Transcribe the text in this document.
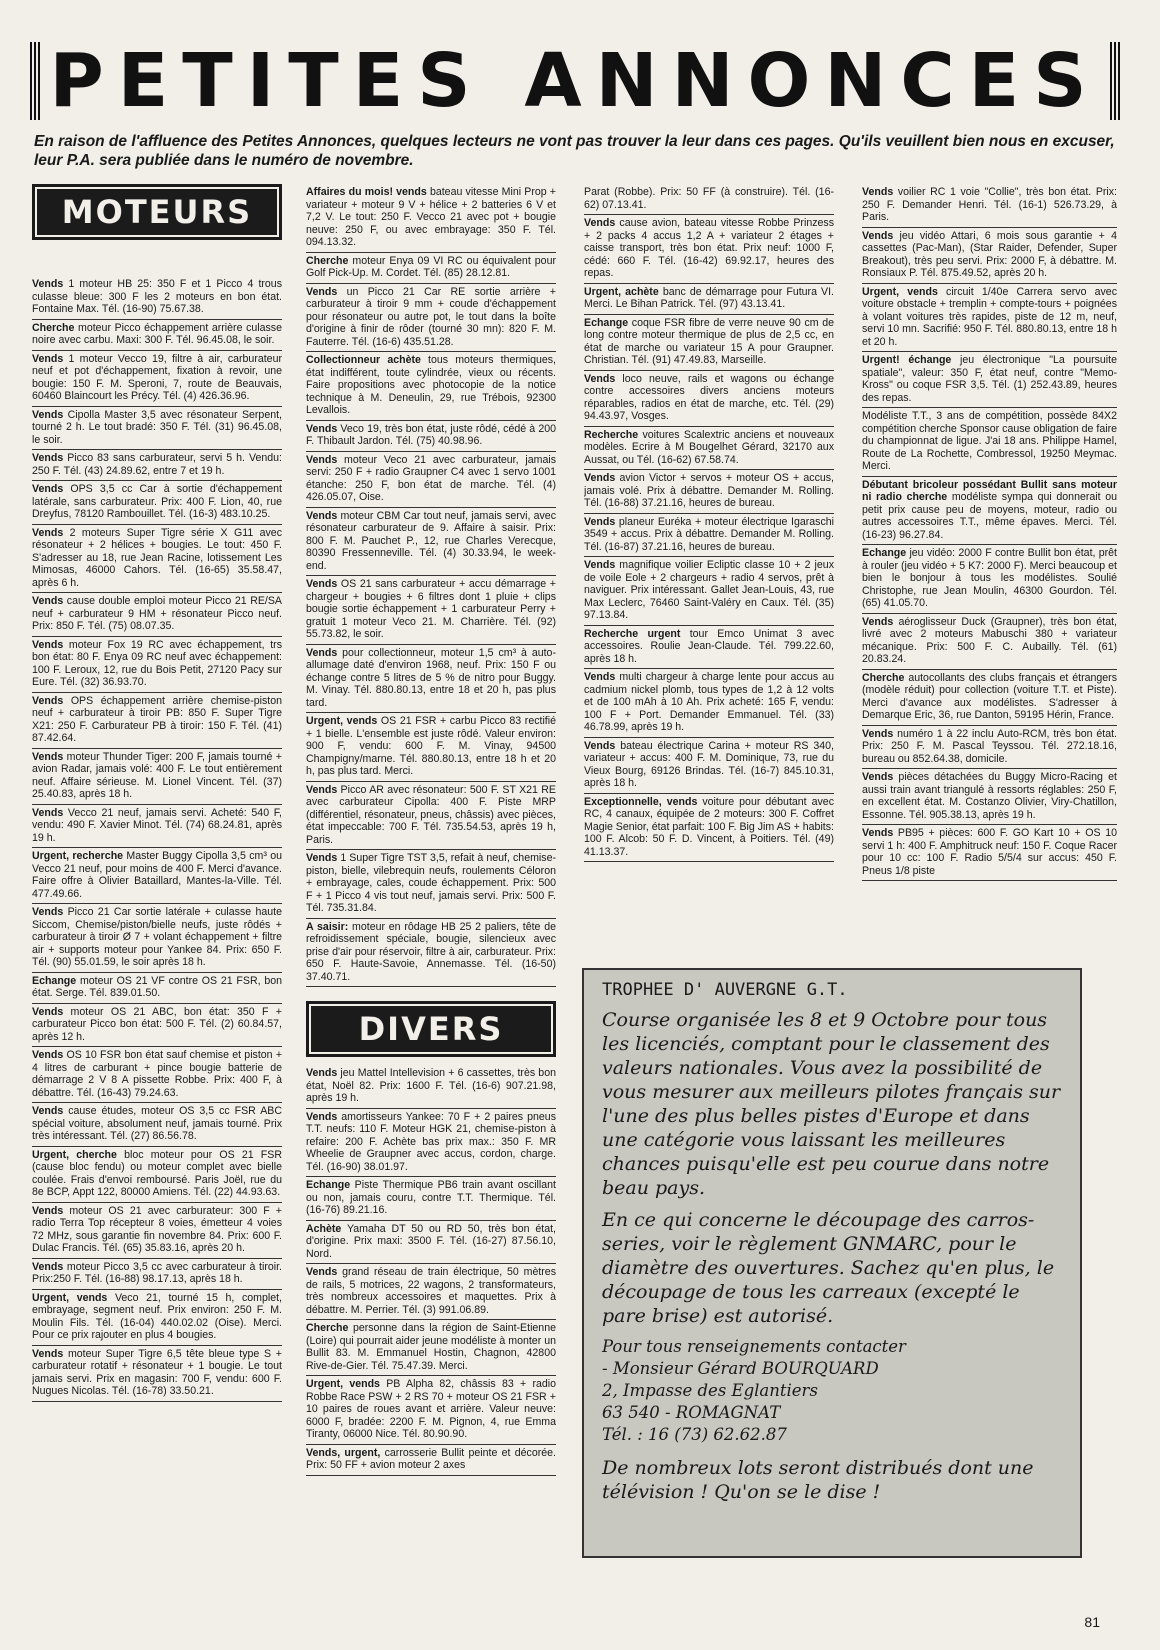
PETITES ANNONCES
En raison de l'affluence des Petites Annonces, quelques lecteurs ne vont pas trouver la leur dans ces pages. Qu'ils veuillent bien nous en excuser, leur P.A. sera publiée dans le numéro de novembre.
MOTEURS

Vends 1 moteur HB 25: 350 F et 1 Picco 4 trous culasse bleue: 300 F les 2 moteurs en bon état. Fontaine Max. Tél. (16-90) 75.67.38.

Cherche moteur Picco échappement arrière culasse noire avec carbu. Maxi: 300 F. Tél. 96.45.08, le soir.

Vends 1 moteur Vecco 19, filtre à air, carburateur neuf et pot d'échappement, fixation à revoir, une bougie: 150 F. M. Speroni, 7, route de Beauvais, 60460 Blaincourt les Précy. Tél. (4) 426.36.96.

Vends Cipolla Master 3,5 avec résonateur Serpent, tourné 2 h. Le tout bradé: 350 F. Tél. (31) 96.45.08, le soir.

Vends Picco 83 sans carburateur, servi 5 h. Vendu: 250 F. Tél. (43) 24.89.62, entre 7 et 19 h.

Vends OPS 3,5 cc Car à sortie d'échappement latérale, sans carburateur. Prix: 400 F. Lion, 40, rue Dreyfus, 78120 Rambouillet. Tél. (16-3) 483.10.25.

Vends 2 moteurs Super Tigre série X G11 avec résonateur + 2 hélices + bougies. Le tout: 450 F. S'adresser au 18, rue Jean Racine, lotissement Les Mimosas, 46000 Cahors. Tél. (16-65) 35.58.47, après 6 h.

Vends cause double emploi moteur Picco 21 RE/SA neuf + carburateur 9 HM + résonateur Picco neuf. Prix: 850 F. Tél. (75) 08.07.35.

Vends moteur Fox 19 RC avec échappement, trs bon état: 80 F. Enya 09 RC neuf avec échappement: 100 F. Leroux, 12, rue du Bois Petit, 27120 Pacy sur Eure. Tél. (32) 36.93.70.

Vends OPS échappement arrière chemise-piston neuf + carburateur à tiroir PB: 850 F. Super Tigre X21: 250 F. Carburateur PB à tiroir: 150 F. Tél. (41) 87.42.64.

Vends moteur Thunder Tiger: 200 F, jamais tourné + avion Radar, jamais volé: 400 F. Le tout entièrement neuf. Affaire sérieuse. M. Lionel Vincent. Tél. (37) 25.40.83, après 18 h.

Vends Vecco 21 neuf, jamais servi. Acheté: 540 F, vendu: 490 F. Xavier Minot. Tél. (74) 68.24.81, après 19 h.

Urgent, recherche Master Buggy Cipolla 3,5 cm³ ou Vecco 21 neuf, pour moins de 400 F. Merci d'avance. Faire offre à Olivier Bataillard, Mantes-la-Ville. Tél. 477.49.66.

Vends Picco 21 Car sortie latérale + culasse haute Siccom, Chemise/piston/bielle neufs, juste rôdés + carburateur à tiroir Ø 7 + volant échappement + filtre air + supports moteur pour Yankee 84. Prix: 650 F. Tél. (90) 55.01.59, le soir après 18 h.

Echange moteur OS 21 VF contre OS 21 FSR, bon état. Serge. Tél. 839.01.50.

Vends moteur OS 21 ABC, bon état: 350 F + carburateur Picco bon état: 500 F. Tél. (2) 60.84.57, après 12 h.

Vends OS 10 FSR bon état sauf chemise et piston + 4 litres de carburant + pince bougie batterie de démarrage 2 V 8 A pissette Robbe. Prix: 400 F, à débattre. Tél. (16-43) 79.24.63.

Vends cause études, moteur OS 3,5 cc FSR ABC spécial voiture, absolument neuf, jamais tourné. Prix très intéressant. Tél. (27) 86.56.78.

Urgent, cherche bloc moteur pour OS 21 FSR (cause bloc fendu) ou moteur complet avec bielle coulée. Frais d'envoi remboursé. Paris Joël, rue du 8e BCP, Appt 122, 80000 Amiens. Tél. (22) 44.93.63.

Vends moteur OS 21 avec carburateur: 300 F + radio Terra Top récepteur 8 voies, émetteur 4 voies 72 MHz, sous garantie fin novembre 84. Prix: 600 F. Dulac Francis. Tél. (65) 35.83.16, après 20 h.

Vends moteur Picco 3,5 cc avec carburateur à tiroir. Prix:250 F. Tél. (16-88) 98.17.13, après 18 h.

Urgent, vends Veco 21, tourné 15 h, complet, embrayage, segment neuf. Prix environ: 250 F. M. Moulin Fils. Tél. (16-04) 440.02.02 (Oise). Merci. Pour ce prix rajouter en plus 4 bougies.

Vends moteur Super Tigre 6,5 tête bleue type S + carburateur rotatif + résonateur + 1 bougie. Le tout jamais servi. Prix en magasin: 700 F, vendu: 600 F. Nugues Nicolas. Tél. (16-78) 33.50.21.

Affaires du mois! vends bateau vitesse Mini Prop + variateur + moteur 9 V + hélice + 2 batteries 6 V et 7,2 V. Le tout: 250 F. Vecco 21 avec pot + bougie neuve: 250 F, ou avec embrayage: 350 F. Tél. 094.13.32.

Cherche moteur Enya 09 VI RC ou équivalent pour Golf Pick-Up. M. Cordet. Tél. (85) 28.12.81.

Vends un Picco 21 Car RE sortie arrière + carburateur à tiroir 9 mm + coude d'échappement pour résonateur ou autre pot, le tout dans la boîte d'origine à finir de rôder (tourné 30 mn): 820 F. M. Fauterre. Tél. (16-6) 435.51.28.

Collectionneur achète tous moteurs thermiques, état indifférent, toute cylindrée, vieux ou récents. Faire propositions avec photocopie de la notice technique à M. Deneulin, 29, rue Trébois, 92300 Levallois.

Vends Veco 19, très bon état, juste rôdé, cédé à 200 F. Thibault Jardon. Tél. (75) 40.98.96.

Vends moteur Veco 21 avec carburateur, jamais servi: 250 F + radio Graupner C4 avec 1 servo 1001 étanche: 250 F, bon état de marche. Tél. (4) 426.05.07, Oise.

Vends moteur CBM Car tout neuf, jamais servi, avec résonateur carburateur de 9. Affaire à saisir. Prix: 800 F. M. Pauchet P., 12, rue Charles Verecque, 80390 Fressenneville. Tél. (4) 30.33.94, le week-end.

Vends OS 21 sans carburateur + accu démarrage + chargeur + bougies + 6 filtres dont 1 pluie + clips bougie sortie échappement + 1 carburateur Perry + gratuit 1 moteur Veco 21. M. Charrière. Tél. (92) 55.73.82, le soir.

Vends pour collectionneur, moteur 1,5 cm³ à auto-allumage daté d'environ 1968, neuf. Prix: 150 F ou échange contre 5 litres de 5 % de nitro pour Buggy. M. Vinay. Tél. 880.80.13, entre 18 et 20 h, pas plus tard.

Urgent, vends OS 21 FSR + carbu Picco 83 rectifié + 1 bielle. L'ensemble est juste rôdé. Valeur environ: 900 F, vendu: 600 F. M. Vinay, 94500 Champigny/marne. Tél. 880.80.13, entre 18 h et 20 h, pas plus tard. Merci.

Vends Picco AR avec résonateur: 500 F. ST X21 RE avec carburateur Cipolla: 400 F. Piste MRP (différentiel, résonateur, pneus, châssis) avec pièces, état impeccable: 700 F. Tél. 735.54.53, après 19 h, Paris.

Vends 1 Super Tigre TST 3,5, refait à neuf, chemise-piston, bielle, vilebrequin neufs, roulements Céloron + embrayage, cales, coude échappement. Prix: 500 F + 1 Picco 4 vis tout neuf, jamais servi. Prix: 500 F. Tél. 735.31.84.

A saisir: moteur en rôdage HB 25 2 paliers, tête de refroidissement spéciale, bougie, silencieux avec prise d'air pour réservoir, filtre à air, carburateur. Prix: 650 F. Haute-Savoie, Annemasse. Tél. (16-50) 37.40.71.

DIVERS

Vends jeu Mattel Intellevision + 6 cassettes, très bon état, Noël 82. Prix: 1600 F. Tél. (16-6) 907.21.98, après 19 h.

Vends amortisseurs Yankee: 70 F + 2 paires pneus T.T. neufs: 110 F. Moteur HGK 21, chemise-piston à refaire: 200 F. Achète bas prix max.: 350 F. MR Wheelie de Graupner avec accus, cordon, charge. Tél. (16-90) 38.01.97.

Echange Piste Thermique PB6 train avant oscillant ou non, jamais couru, contre T.T. Thermique. Tél. (16-76) 89.21.16.

Achète Yamaha DT 50 ou RD 50, très bon état, d'origine. Prix maxi: 3500 F. Tél. (16-27) 87.56.10, Nord.

Vends grand réseau de train électrique, 50 mètres de rails, 5 motrices, 22 wagons, 2 transformateurs, très nombreux accessoires et maquettes. Prix à débattre. M. Perrier. Tél. (3) 991.06.89.

Cherche personne dans la région de Saint-Etienne (Loire) qui pourrait aider jeune modéliste à monter un Bullit 83. M. Emmanuel Hostin, Chagnon, 42800 Rive-de-Gier. Tél. 75.47.39. Merci.

Urgent, vends PB Alpha 82, châssis 83 + radio Robbe Race PSW + 2 RS 70 + moteur OS 21 FSR + 10 paires de roues avant et arrière. Valeur neuve: 6000 F, bradée: 2200 F. M. Pignon, 4, rue Emma Tiranty, 06000 Nice. Tél. 80.90.90.

Vends, urgent, carrosserie Bullit peinte et décorée. Prix: 50 FF + avion moteur 2 axes

Parat (Robbe). Prix: 50 FF (à construire). Tél. (16-62) 07.13.41.

Vends cause avion, bateau vitesse Robbe Prinzess + 2 packs 4 accus 1,2 A + variateur 2 étages + caisse transport, très bon état. Prix neuf: 1000 F, cédé: 660 F. Tél. (16-42) 69.92.17, heures des repas.

Urgent, achète banc de démarrage pour Futura VI. Merci. Le Bihan Patrick. Tél. (97) 43.13.41.

Echange coque FSR fibre de verre neuve 90 cm de long contre moteur thermique de plus de 2,5 cc, en état de marche ou variateur 15 A pour Graupner. Christian. Tél. (91) 47.49.83, Marseille.

Vends loco neuve, rails et wagons ou échange contre accessoires divers anciens moteurs réparables, radios en état de marche, etc. Tél. (29) 94.43.97, Vosges.

Recherche voitures Scalextric anciens et nouveaux modèles. Ecrire à M Bougelhet Gérard, 32170 aux Aussat, ou Tél. (16-62) 67.58.74.

Vends avion Victor + servos + moteur OS + accus, jamais volé. Prix à débattre. Demander M. Rolling. Tél. (16-88) 37.21.16, heures de bureau.

Vends planeur Euréka + moteur électrique Igaraschi 3549 + accus. Prix à débattre. Demander M. Rolling. Tél. (16-87) 37.21.16, heures de bureau.

Vends magnifique voilier Ecliptic classe 10 + 2 jeux de voile Eole + 2 chargeurs + radio 4 servos, prêt à naviguer. Prix intéressant. Gallet Jean-Louis, 43, rue Max Leclerc, 76460 Saint-Valéry en Caux. Tél. (35) 97.13.84.

Recherche urgent tour Emco Unimat 3 avec accessoires. Roulie Jean-Claude. Tél. 799.22.60, après 18 h.

Vends multi chargeur à charge lente pour accus au cadmium nickel plomb, tous types de 1,2 à 12 volts et de 100 mAh à 10 Ah. Prix acheté: 165 F, vendu: 100 F + Port. Demander Emmanuel. Tél. (33) 46.78.99, après 19 h.

Vends bateau électrique Carina + moteur RS 340, variateur + accus: 400 F. M. Dominique, 73, rue du Vieux Bourg, 69126 Brindas. Tél. (16-7) 845.10.31, après 18 h.

Exceptionnelle, vends voiture pour débutant avec RC, 4 canaux, équipée de 2 moteurs: 300 F. Coffret Magie Senior, état parfait: 100 F. Big Jim AS + habits: 100 F. Alcob: 50 F. D. Vincent, à Poitiers. Tél. (49) 41.13.37.

Vends voilier RC 1 voie "Collie", très bon état. Prix: 250 F. Demander Henri. Tél. (16-1) 526.73.29, à Paris.

Vends jeu vidéo Attari, 6 mois sous garantie + 4 cassettes (Pac-Man), (Star Raider, Defender, Super Breakout), très peu servi. Prix: 2000 F, à débattre. M. Ronsiaux P. Tél. 875.49.52, après 20 h.

Urgent, vends circuit 1/40e Carrera servo avec voiture obstacle + tremplin + compte-tours + poignées à volant voitures très rapides, piste de 12 m, neuf, servi 10 mn. Sacrifié: 950 F. Tél. 880.80.13, entre 18 h et 20 h.

Urgent! échange jeu électronique "La poursuite spatiale", valeur: 350 F, état neuf, contre "Memo-Kross" ou coque FSR 3,5. Tél. (1) 252.43.89, heures des repas.

Modéliste T.T., 3 ans de compétition, possède 84X2 compétition cherche Sponsor cause obligation de faire du championnat de ligue. J'ai 18 ans. Philippe Hamel, Route de La Rochette, Combressol, 19250 Meymac. Merci.

Débutant bricoleur possédant Bullit sans moteur ni radio cherche modéliste sympa qui donnerait ou petit prix cause peu de moyens, moteur, radio ou autres accessoires T.T., même épaves. Merci. Tél. (16-23) 96.27.84.

Echange jeu vidéo: 2000 F contre Bullit bon état, prêt à rouler (jeu vidéo + 5 K7: 2000 F). Merci beaucoup et bien le bonjour à tous les modélistes. Soulié Christophe, rue Jean Moulin, 46300 Gourdon. Tél. (65) 41.05.70.

Vends aéroglisseur Duck (Graupner), très bon état, livré avec 2 moteurs Mabuschi 380 + variateur mécanique. Prix: 500 F. C. Aubailly. Tél. (61) 20.83.24.

Cherche autocollants des clubs français et étrangers (modèle réduit) pour collection (voiture T.T. et Piste). Merci d'avance aux modélistes. S'adresser à Demarque Eric, 36, rue Danton, 59195 Hérin, France.

Vends numéro 1 à 22 inclu Auto-RCM, très bon état. Prix: 250 F. M. Pascal Teyssou. Tél. 272.18.16, bureau ou 852.64.38, domicile.

Vends pièces détachées du Buggy Micro-Racing et aussi train avant triangulé à ressorts réglables: 250 F, en excellent état. M. Costanzo Olivier, Viry-Chatillon, Essonne. Tél. 905.38.13, après 19 h.

Vends PB95 + pièces: 600 F. GO Kart 10 + OS 10 servi 1 h: 400 F. Amphitruck neuf: 150 F. Coque Racer pour 10 cc: 100 F. Radio 5/5/4 sur accus: 450 F. Pneus 1/8 piste

TROPHEE D' AUVERGNE G.T.

Course organisée les 8 et 9 Octobre pour tous les licenciés, comptant pour le classement des valeurs nationales. Vous avez la possibilité de vous mesurer aux meilleurs pilotes français sur l'une des plus belles pistes d'Europe et dans une catégorie vous laissant les meilleures chances puisqu'elle est peu courue dans notre beau pays.

En ce qui concerne le découpage des carros-series, voir le règlement GNMARC, pour le diamètre des ouvertures. Sachez qu'en plus, le découpage de tous les carreaux (excepté le pare brise) est autorisé.

Pour tous renseignements contacter

- Monsieur Gérard BOURQUARD

2, Impasse des Eglantiers

63 540 - ROMAGNAT

Tél. : 16 (73) 62.62.87

De nombreux lots seront distribués dont une télévision ! Qu'on se le dise !

81
